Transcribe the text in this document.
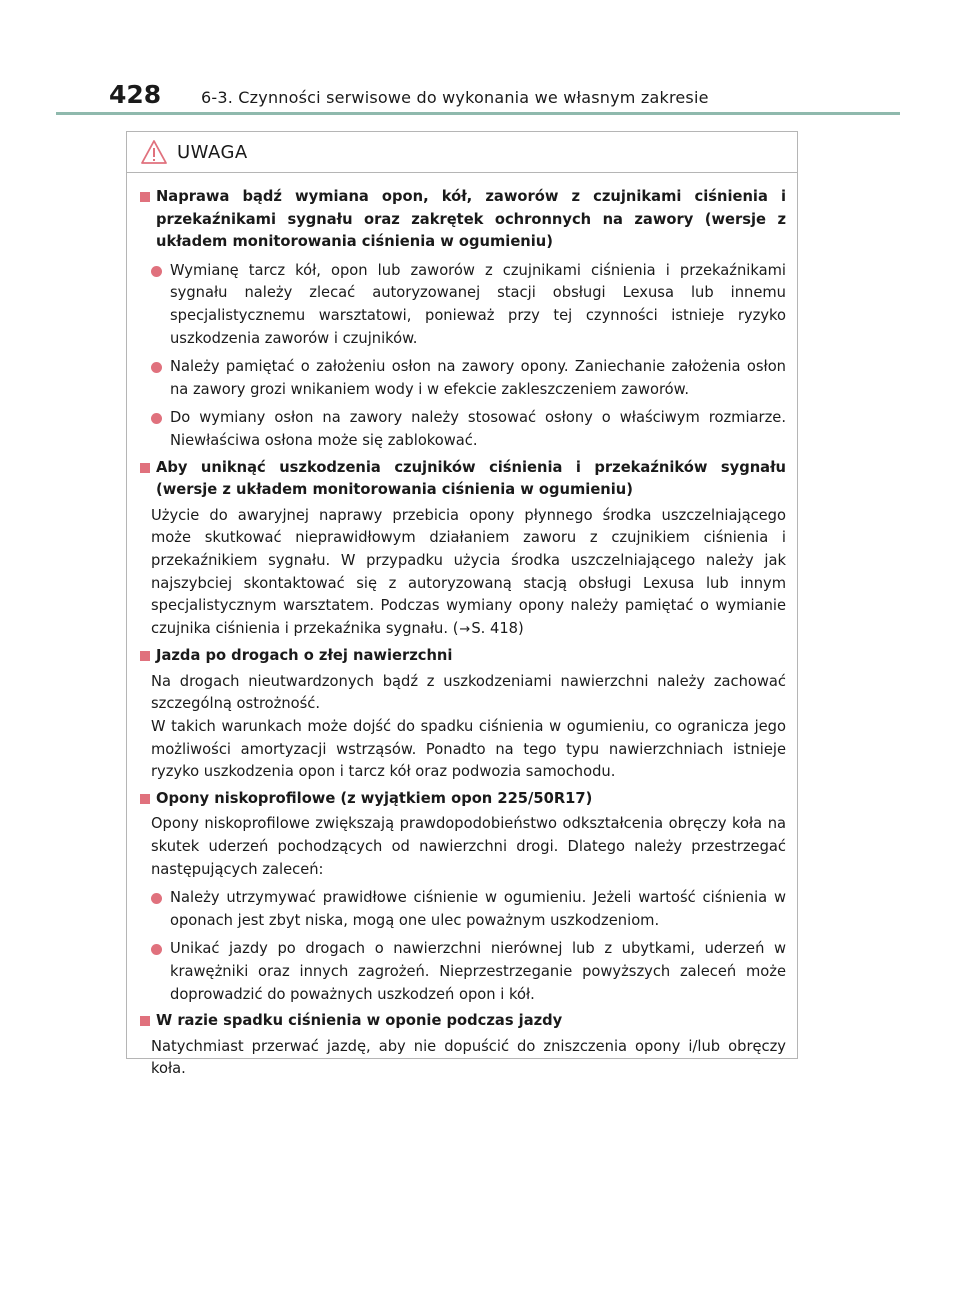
428	6-3. Czynności serwisowe do wykonania we własnym zakresie
UWAGA
Naprawa bądź wymiana opon, kół, zaworów z czujnikami ciśnienia i przekaźnikami sygnału oraz zakrętek ochronnych na zawory (wersje z układem monitorowania ciśnienia w ogumieniu)
Wymianę tarcz kół, opon lub zaworów z czujnikami ciśnienia i przekaźnikami sygnału należy zlecać autoryzowanej stacji obsługi Lexusa lub innemu specjalistycznemu warsztatowi, ponieważ przy tej czynności istnieje ryzyko uszkodzenia zaworów i czujników.
Należy pamiętać o założeniu osłon na zawory opony. Zaniechanie założenia osłon na zawory grozi wnikaniem wody i w efekcie zakleszczeniem zaworów.
Do wymiany osłon na zawory należy stosować osłony o właściwym rozmiarze. Niewłaściwa osłona może się zablokować.
Aby uniknąć uszkodzenia czujników ciśnienia i przekaźników sygnału (wersje z układem monitorowania ciśnienia w ogumieniu)
Użycie do awaryjnej naprawy przebicia opony płynnego środka uszczelniającego może skutkować nieprawidłowym działaniem zaworu z czujnikiem ciśnienia i przekaźnikiem sygnału. W przypadku użycia środka uszczelniającego należy jak najszybciej skontaktować się z autoryzowaną stacją obsługi Lexusa lub innym specjalistycznym warsztatem. Podczas wymiany opony należy pamiętać o wymianie czujnika ciśnienia i przekaźnika sygnału. (→S. 418)
Jazda po drogach o złej nawierzchni
Na drogach nieutwardzonych bądź z uszkodzeniami nawierzchni należy zachować szczególną ostrożność.
W takich warunkach może dojść do spadku ciśnienia w ogumieniu, co ogranicza jego możliwości amortyzacji wstrząsów. Ponadto na tego typu nawierzchniach istnieje ryzyko uszkodzenia opon i tarcz kół oraz podwozia samochodu.
Opony niskoprofilowe (z wyjątkiem opon 225/50R17)
Opony niskoprofilowe zwiększają prawdopodobieństwo odkształcenia obręczy koła na skutek uderzeń pochodzących od nawierzchni drogi. Dlatego należy przestrzegać następujących zaleceń:
Należy utrzymywać prawidłowe ciśnienie w ogumieniu. Jeżeli wartość ciśnienia w oponach jest zbyt niska, mogą one ulec poważnym uszkodzeniom.
Unikać jazdy po drogach o nawierzchni nierównej lub z ubytkami, uderzeń w krawężniki oraz innych zagrożeń. Nieprzestrzeganie powyższych zaleceń może doprowadzić do poważnych uszkodzeń opon i kół.
W razie spadku ciśnienia w oponie podczas jazdy
Natychmiast przerwać jazdę, aby nie dopuścić do zniszczenia opony i/lub obręczy koła.
